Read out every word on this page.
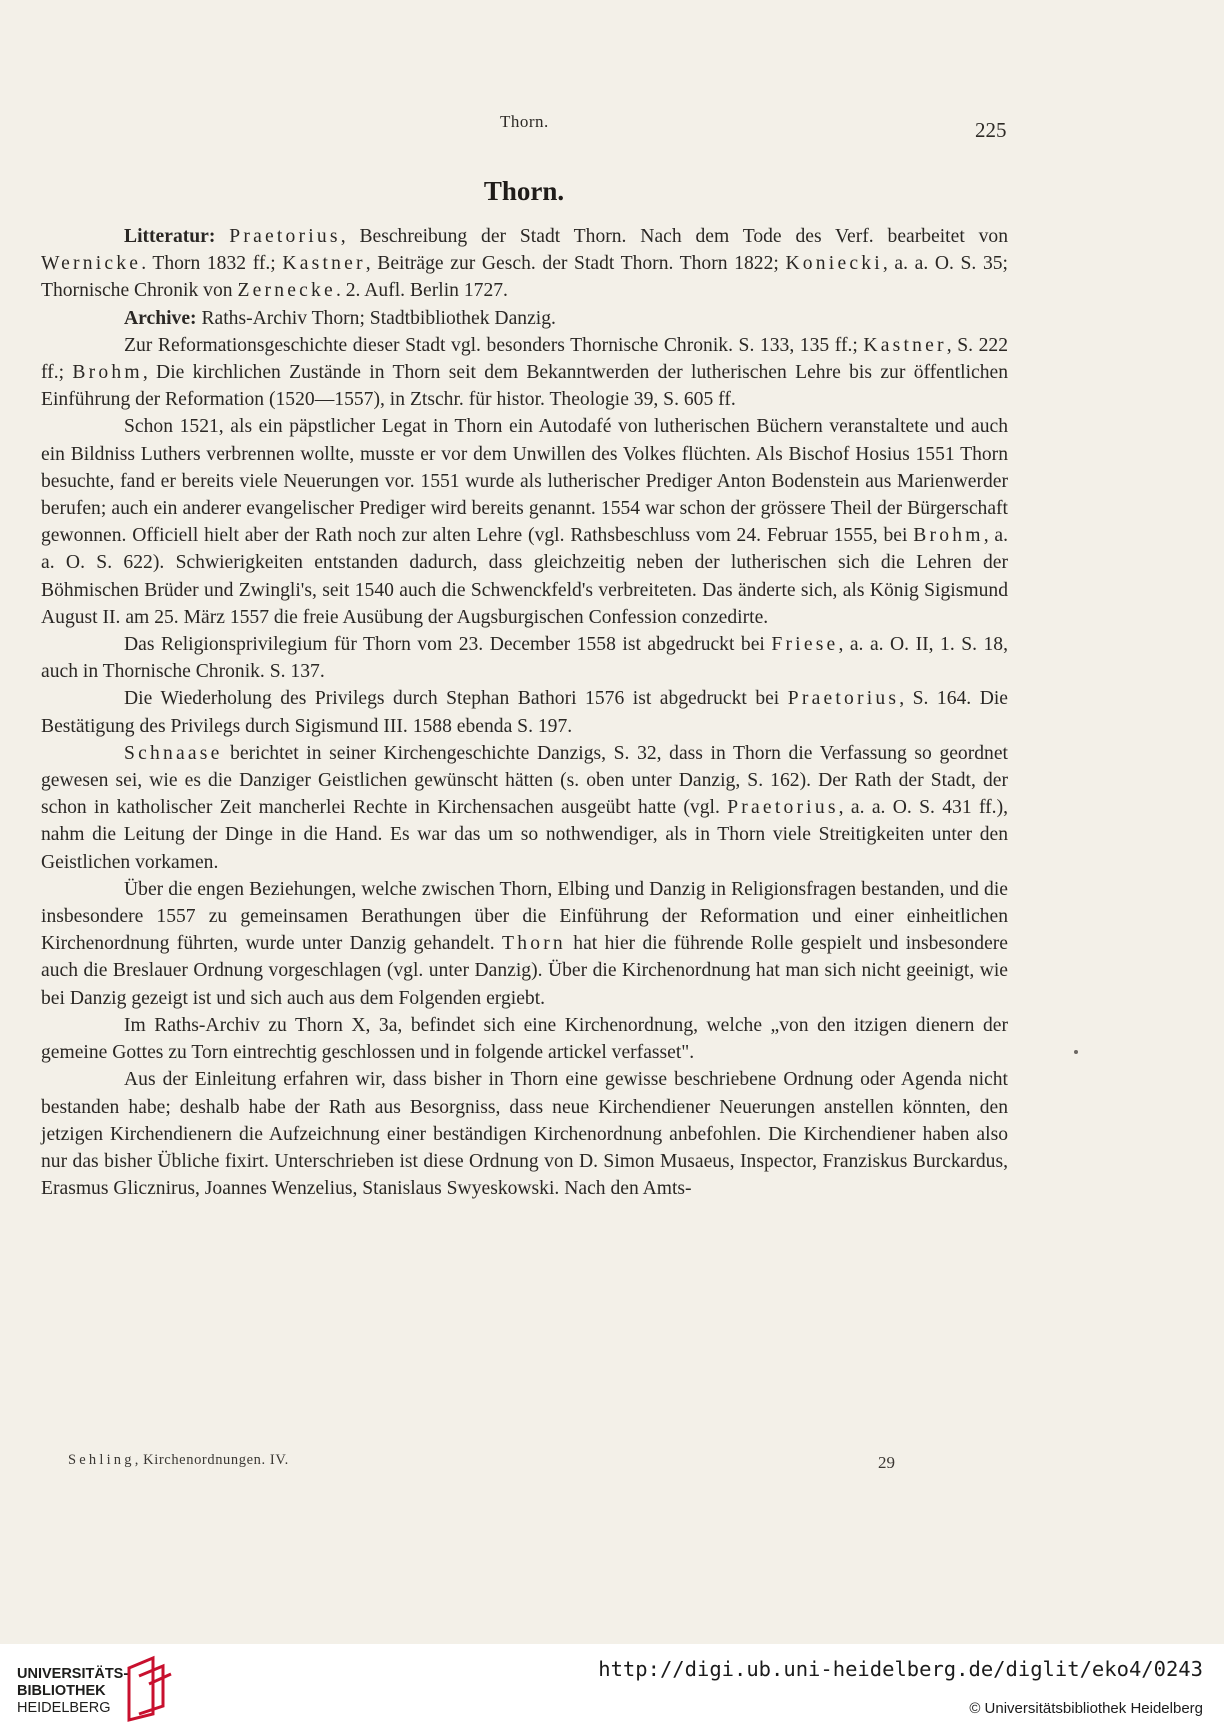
Thorn.	225
Thorn.

Litteratur: Praetorius, Beschreibung der Stadt Thorn. Nach dem Tode des Verf. bearbeitet von Wernicke. Thorn 1832 ff.; Kastner, Beiträge zur Gesch. der Stadt Thorn. Thorn 1822; Koniecki, a. a. O. S. 35; Thornische Chronik von Zernecke. 2. Aufl. Berlin 1727.

Archive: Raths-Archiv Thorn; Stadtbibliothek Danzig.

Zur Reformationsgeschichte dieser Stadt vgl. besonders Thornische Chronik. S. 133, 135 ff.; Kastner, S. 222 ff.; Brohm, Die kirchlichen Zustände in Thorn seit dem Bekanntwerden der lutherischen Lehre bis zur öffentlichen Einführung der Reformation (1520—1557), in Ztschr. für histor. Theologie 39, S. 605 ff.

Schon 1521, als ein päpstlicher Legat in Thorn ein Autodafé von lutherischen Büchern veranstaltete und auch ein Bildniss Luthers verbrennen wollte, musste er vor dem Unwillen des Volkes flüchten. Als Bischof Hosius 1551 Thorn besuchte, fand er bereits viele Neuerungen vor. 1551 wurde als lutherischer Prediger Anton Bodenstein aus Marienwerder berufen; auch ein anderer evangelischer Prediger wird bereits genannt. 1554 war schon der grössere Theil der Bürgerschaft gewonnen. Officiell hielt aber der Rath noch zur alten Lehre (vgl. Rathsbeschluss vom 24. Februar 1555, bei Brohm, a. a. O. S. 622). Schwierigkeiten entstanden dadurch, dass gleichzeitig neben der lutherischen sich die Lehren der Böhmischen Brüder und Zwingli's, seit 1540 auch die Schwenckfeld's verbreiteten. Das änderte sich, als König Sigismund August II. am 25. März 1557 die freie Ausübung der Augsburgischen Confession conzedirte.

Das Religionsprivilegium für Thorn vom 23. December 1558 ist abgedruckt bei Friese, a. a. O. II, 1. S. 18, auch in Thornische Chronik. S. 137.

Die Wiederholung des Privilegs durch Stephan Bathori 1576 ist abgedruckt bei Praetorius, S. 164. Die Bestätigung des Privilegs durch Sigismund III. 1588 ebenda S. 197.

Schnaase berichtet in seiner Kirchengeschichte Danzigs, S. 32, dass in Thorn die Verfassung so geordnet gewesen sei, wie es die Danziger Geistlichen gewünscht hätten (s. oben unter Danzig, S. 162). Der Rath der Stadt, der schon in katholischer Zeit mancherlei Rechte in Kirchensachen ausgeübt hatte (vgl. Praetorius, a. a. O. S. 431 ff.), nahm die Leitung der Dinge in die Hand. Es war das um so nothwendiger, als in Thorn viele Streitigkeiten unter den Geistlichen vorkamen.

Über die engen Beziehungen, welche zwischen Thorn, Elbing und Danzig in Religionsfragen bestanden, und die insbesondere 1557 zu gemeinsamen Berathungen über die Einführung der Reformation und einer einheitlichen Kirchenordnung führten, wurde unter Danzig gehandelt. Thorn hat hier die führende Rolle gespielt und insbesondere auch die Breslauer Ordnung vorgeschlagen (vgl. unter Danzig). Über die Kirchenordnung hat man sich nicht geeinigt, wie bei Danzig gezeigt ist und sich auch aus dem Folgenden ergiebt.

Im Raths-Archiv zu Thorn X, 3a, befindet sich eine Kirchenordnung, welche „von den itzigen dienern der gemeine Gottes zu Torn eintrechtig geschlossen und in folgende artickel verfasset".

Aus der Einleitung erfahren wir, dass bisher in Thorn eine gewisse beschriebene Ordnung oder Agenda nicht bestanden habe; deshalb habe der Rath aus Besorgniss, dass neue Kirchendiener Neuerungen anstellen könnten, den jetzigen Kirchendienern die Aufzeichnung einer beständigen Kirchenordnung anbefohlen. Die Kirchendiener haben also nur das bisher Übliche fixirt. Unterschrieben ist diese Ordnung von D. Simon Musaeus, Inspector, Franziskus Burckardus, Erasmus Glicznirus, Joannes Wenzelius, Stanislaus Swyeskowski. Nach den Amts-

Sehling, Kirchenordnungen. IV.	29
UNIVERSITÄTS-
BIBLIOTHEK
HEIDELBERG
http://digi.ub.uni-heidelberg.de/diglit/eko4/0243
© Universitätsbibliothek Heidelberg
